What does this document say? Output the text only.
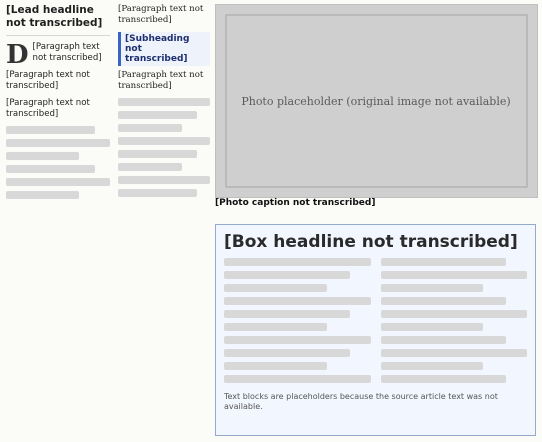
[Lead headline not transcribed]

D [Paragraph text not transcribed]

[Paragraph text not transcribed]

[Paragraph text not transcribed]

[Paragraph text not transcribed]

[Subheading not transcribed]

[Paragraph text not transcribed]

Photo placeholder (original image not available)
[Photo caption not transcribed]
[Box headline not transcribed]
Text blocks are placeholders because the source article text was not available.
